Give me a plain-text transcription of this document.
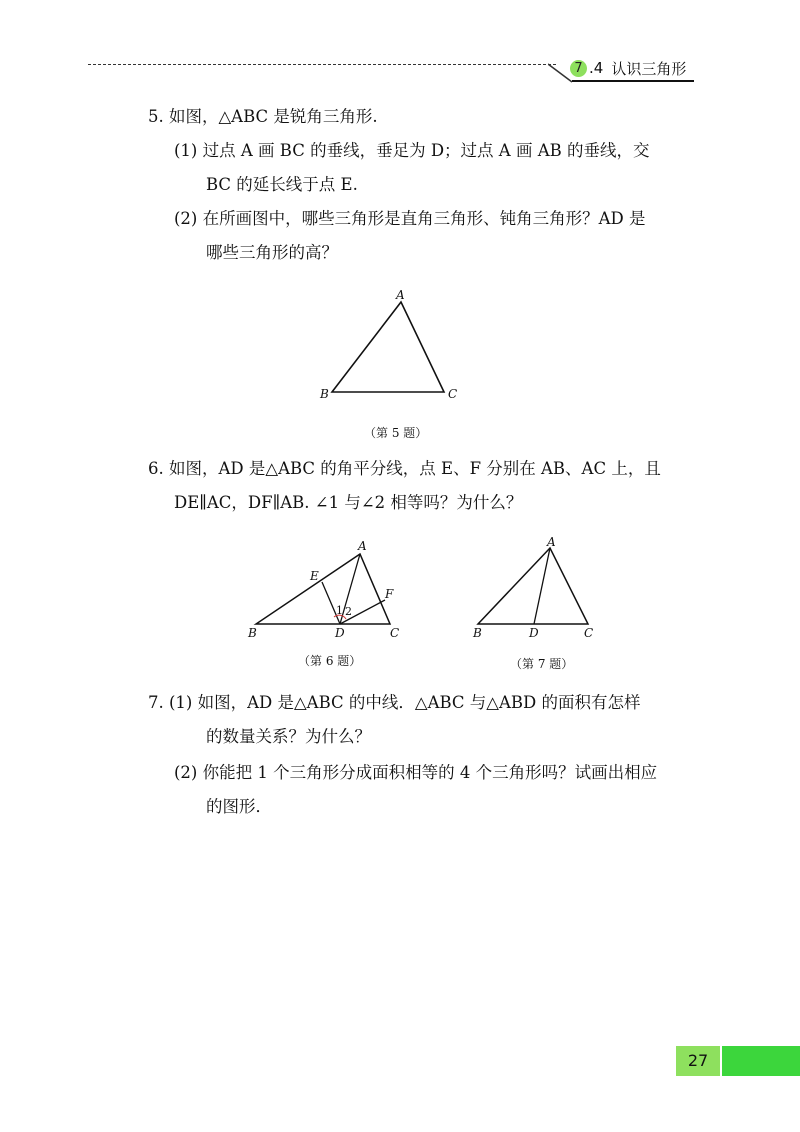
7 .4 认识三角形
5. 如图，△ABC 是锐角三角形.
(1) 过点 A 画 BC 的垂线，垂足为 D；过点 A 画 AB 的垂线，交
BC 的延长线于点 E.
(2) 在所画图中，哪些三角形是直角三角形、钝角三角形？AD 是
哪些三角形的高？
A
B	C
（第 5 题）
6. 如图，AD 是△ABC 的角平分线，点 E、F 分别在 AB、AC 上，且
DE∥AC，DF∥AB. ∠1 与∠2 相等吗？为什么？
A
B	C
D
E
F
1 2
（第 6 题）
A
B	C
D
（第 7 题）
7. (1) 如图，AD 是△ABC 的中线．△ABC 与△ABD 的面积有怎样
的数量关系？为什么？
(2) 你能把 1 个三角形分成面积相等的 4 个三角形吗？试画出相应
的图形．
27
